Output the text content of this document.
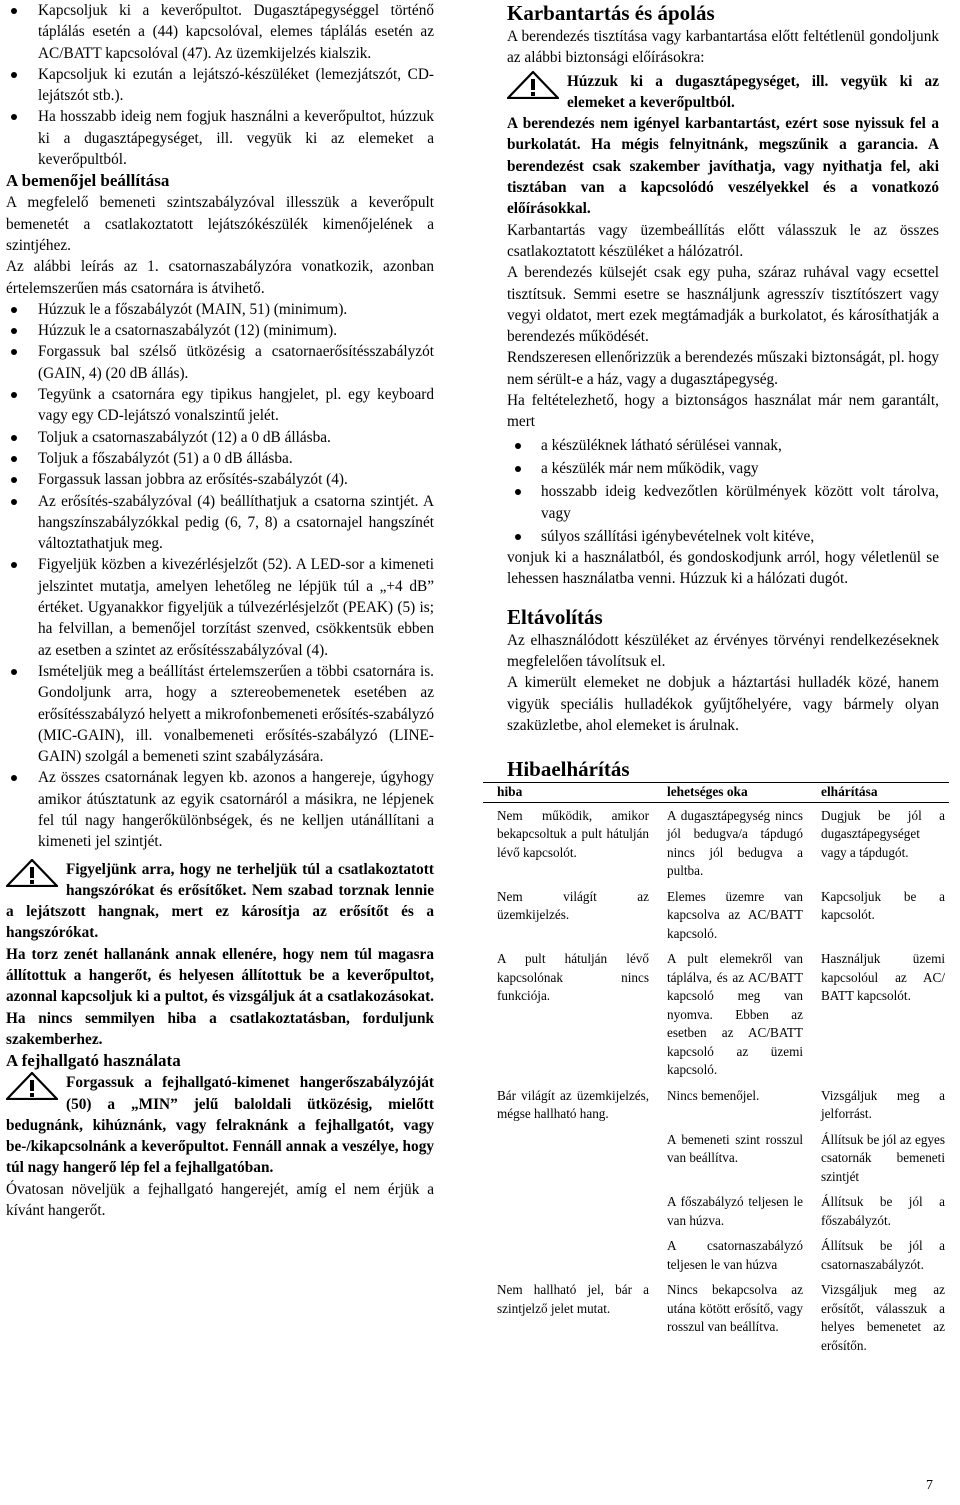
Kapcsoljuk ki a keverőpultot. Dugasztápegységgel történő táplálás esetén a (44) kapcsolóval, elemes táplálás esetén az AC/BATT kapcsolóval (47). Az üzemkijelzés kialszik.
Kapcsoljuk ki ezután a lejátszó-készüléket (lemezjátszót, CD-lejátszót stb.).
Ha hosszabb ideig nem fogjuk használni a keverőpultot, húzzuk ki a dugasztápegységet, ill. vegyük ki az elemeket a keverőpultból.

A bemenőjel beállítása

A megfelelő bemeneti szintszabályzóval illesszük a keverőpult bemenetét a csatlakoztatott lejátszókészülék kimenőjelének a szintjéhez.

Az alábbi leírás az 1. csatornaszabályzóra vonatkozik, azonban értelemszerűen más csatornára is átvihető.

Húzzuk le a főszabályzót (MAIN, 51) (minimum).
Húzzuk le a csatornaszabályzót (12) (minimum).
Forgassuk bal szélső ütközésig a csatornaerősítésszabályzót (GAIN, 4) (20 dB állás).
Tegyünk a csatornára egy tipikus hangjelet, pl. egy keyboard vagy egy CD-lejátszó vonalszintű jelét.
Toljuk a csatornaszabályzót (12) a 0 dB állásba.
Toljuk a főszabályzót (51) a 0 dB állásba.
Forgassuk lassan jobbra az erősítés-szabályzót (4).
Az erősítés-szabályzóval (4) beállíthatjuk a csatorna szintjét. A hangszínszabályzókkal pedig (6, 7, 8) a csatornajel hangszínét változtathatjuk meg.
Figyeljük közben a kivezérlésjelzőt (52). A LED-sor a kimeneti jelszintet mutatja, amelyen lehetőleg ne lépjük túl a „+4 dB” értéket. Ugyanakkor figyeljük a túlvezérlésjelzőt (PEAK) (5) is; ha felvillan, a bemenőjel torzítást szenved, csökkentsük ebben az esetben a szintet az erősítésszabályzóval (4).
Ismételjük meg a beállítást értelemszerűen a többi csatornára is. Gondoljunk arra, hogy a sztereobemenetek esetében az erősítésszabályzó helyett a mikrofonbemeneti erősítés-szabályzó (MIC-GAIN), ill. vonalbemeneti erősítés-szabályzó (LINE-GAIN) szolgál a bemeneti szint szabályzására.
Az összes csatornának legyen kb. azonos a hangereje, úgyhogy amikor átúsztatunk az egyik csatornáról a másikra, ne lépjenek fel túl nagy hangerőkülönbségek, és ne kelljen utánállítani a kimeneti jel szintjét.

Figyeljünk arra, hogy ne terheljük túl a csatlakoztatott hangszórókat és erősítőket. Nem szabad torznak lennie a lejátszott hangnak, mert ez károsítja az erősítőt és a hangszórókat.

Ha torz zenét hallanánk annak ellenére, hogy nem túl magasra állítottuk a hangerőt, és helyesen állítottuk be a keverőpultot, azonnal kapcsoljuk ki a pultot, és vizsgáljuk át a csatlakozásokat. Ha nincs semmilyen hiba a csatlakoztatásban, forduljunk szakemberhez.

A fejhallgató használata

Forgassuk a fejhallgató-kimenet hangerőszabályzóját (50) a „MIN” jelű baloldali ütközésig, mielőtt bedugnánk, kihúznánk, vagy felraknánk a fejhallgatót, vagy be-/kikapcsolnánk a keverőpultot. Fennáll annak a veszélye, hogy túl nagy hangerő lép fel a fejhallgatóban.

Óvatosan növeljük a fejhallgató hangerejét, amíg el nem érjük a kívánt hangerőt.

Karbantartás és ápolás

A berendezés tisztítása vagy karbantartása előtt feltétlenül gondoljunk az alábbi biztonsági előírásokra:

Húzzuk ki a dugasztápegységet, ill. vegyük ki az elemeket a keverőpultból.

A berendezés nem igényel karbantartást, ezért sose nyissuk fel a burkolatát. Ha mégis felnyitnánk, megszűnik a garancia. A berendezést csak szakember javíthatja, vagy nyithatja fel, aki tisztában van a kapcsolódó veszélyekkel és a vonatkozó előírásokkal.

Karbantartás vagy üzembeállítás előtt válasszuk le az összes csatlakoztatott készüléket a hálózatról.

A berendezés külsejét csak egy puha, száraz ruhával vagy ecsettel tisztítsuk. Semmi esetre se használjunk agresszív tisztítószert vagy vegyi oldatot, mert ezek megtámadják a burkolatot, és károsíthatják a berendezés működését.

Rendszeresen ellenőrizzük a berendezés műszaki biztonságát, pl. hogy nem sérült-e a ház, vagy a dugasztápegység.

Ha feltételezhető, hogy a biztonságos használat már nem garantált, mert

a készüléknek látható sérülései vannak,
a készülék már nem működik, vagy
hosszabb ideig kedvezőtlen körülmények között volt tárolva, vagy
súlyos szállítási igénybevételnek volt kitéve,

vonjuk ki a használatból, és gondoskodjunk arról, hogy véletlenül se lehessen használatba venni. Húzzuk ki a hálózati dugót.

Eltávolítás

Az elhasználódott készüléket az érvényes törvényi rendelkezéseknek megfelelően távolítsuk el.

A kimerült elemeket ne dobjuk a háztartási hulladék közé, hanem vigyük speciális hulladékok gyűjtőhelyére, vagy bármely olyan szaküzletbe, ahol elemeket is árulnak.

Hibaelhárítás

hiba	lehetséges oka	elhárítása
Nem működik, amikor bekapcsoltuk a pult hátulján lévő kapcsolót.	A dugasztápegység nincs jól bedugva/a tápdugó nincs jól bedugva a pultba.	Dugjuk be jól a dugasztápegységet vagy a tápdugót.
Nem világít az üzemkijelzés.	Elemes üzemre van kapcsolva az AC/BATT kapcsoló.	Kapcsoljuk be a kapcsolót.
A pult hátulján lévő kapcsolónak nincs funkciója.	A pult elemekről van táplálva, és az AC/BATT kapcsoló meg van nyomva. Ebben az esetben az AC/BATT kapcsoló az üzemi kapcsoló.	Használjuk üzemi kapcsolóul az AC/ BATT kapcsolót.
Bár világít az üzemkijelzés, mégse hallható hang.	Nincs bemenőjel.	Vizsgáljuk meg a jelforrást.
	A bemeneti szint rosszul van beállítva.	Állítsuk be jól az egyes csatornák bemeneti szintjét
	A főszabályzó teljesen le van húzva.	Állítsuk be jól a főszabályzót.
	A csatornaszabályzó teljesen le van húzva	Állítsuk be jól a csatornaszabályzót.
Nem hallható jel, bár a szintjelző jelet mutat.	Nincs bekapcsolva az utána kötött erősítő, vagy rosszul van beállítva.	Vizsgáljuk meg az erősítőt, válasszuk a helyes bemenetet az erősítőn.
7
